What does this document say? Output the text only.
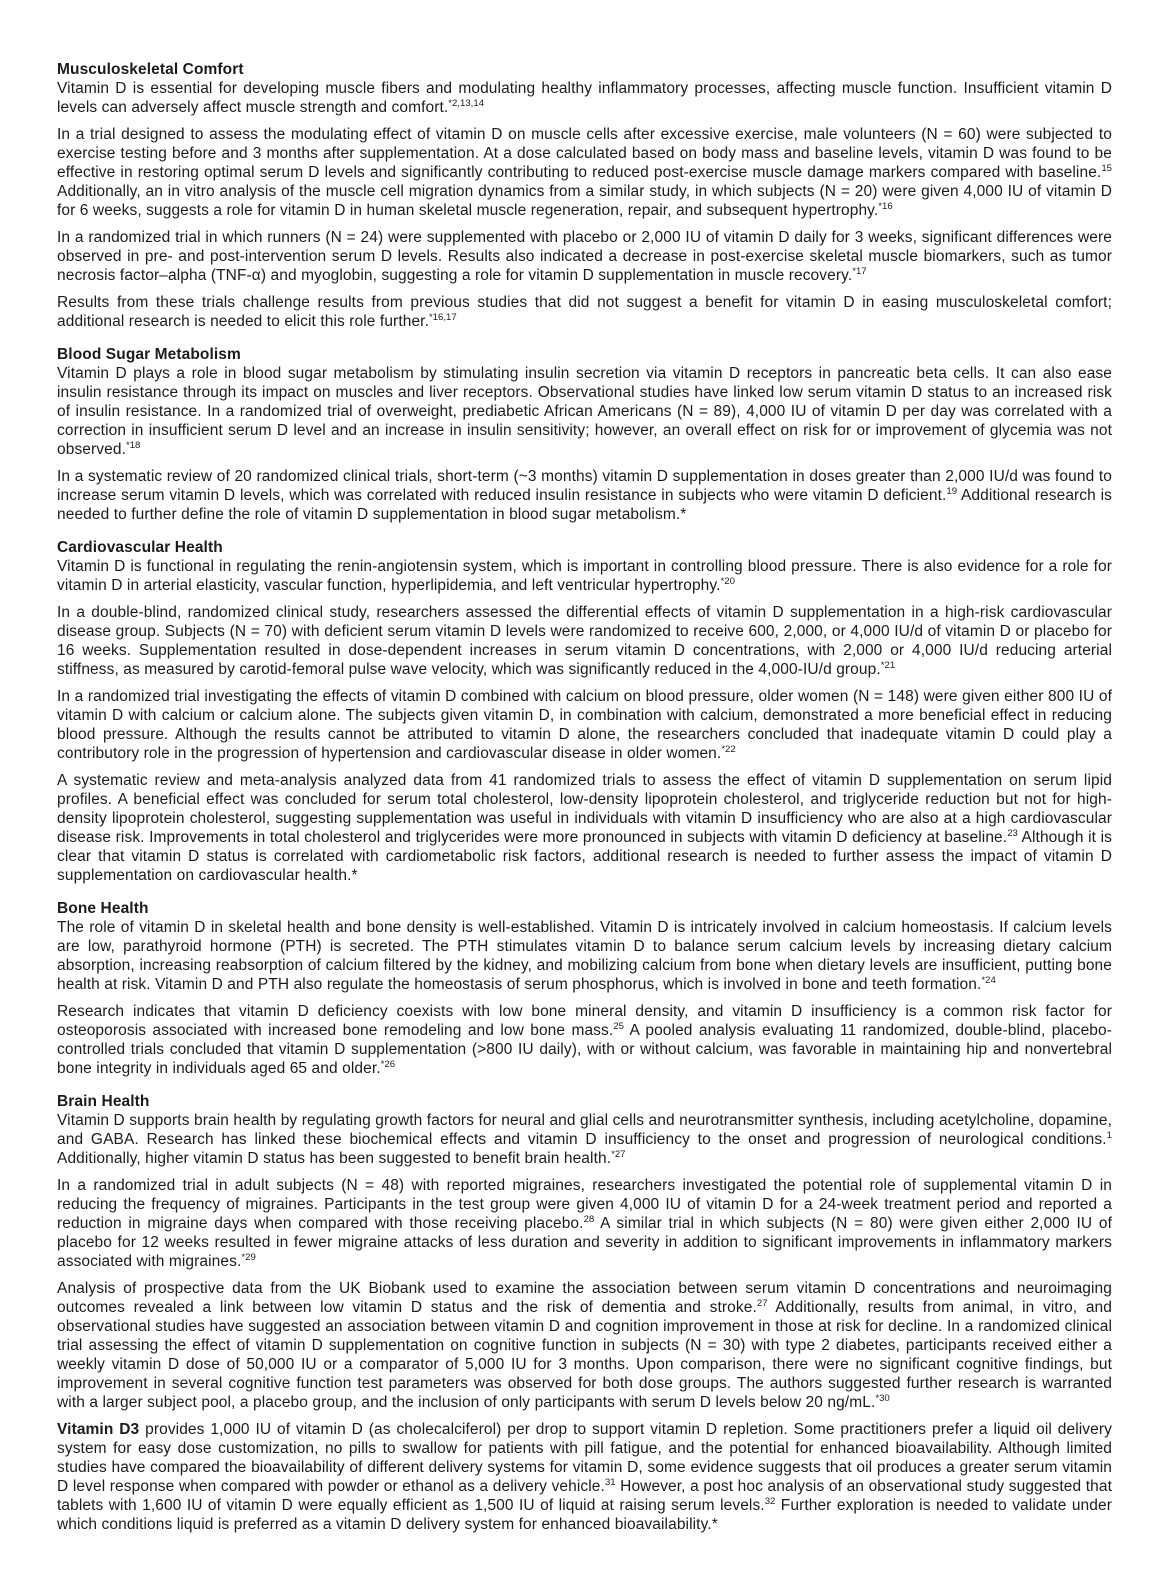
Musculoskeletal Comfort

Vitamin D is essential for developing muscle fibers and modulating healthy inflammatory processes, affecting muscle function. Insufficient vitamin D levels can adversely affect muscle strength and comfort.$^{*2,13,14}$

In a trial designed to assess the modulating effect of vitamin D on muscle cells after excessive exercise, male volunteers (N = 60) were subjected to exercise testing before and 3 months after supplementation. At a dose calculated based on body mass and baseline levels, vitamin D was found to be effective in restoring optimal serum D levels and significantly contributing to reduced post-exercise muscle damage markers compared with baseline.$^{15}$ Additionally, an in vitro analysis of the muscle cell migration dynamics from a similar study, in which subjects (N = 20) were given 4,000 IU of vitamin D for 6 weeks, suggests a role for vitamin D in human skeletal muscle regeneration, repair, and subsequent hypertrophy.$^{*16}$

In a randomized trial in which runners (N = 24) were supplemented with placebo or 2,000 IU of vitamin D daily for 3 weeks, significant differences were observed in pre- and post-intervention serum D levels. Results also indicated a decrease in post-exercise skeletal muscle biomarkers, such as tumor necrosis factor–alpha (TNF-α) and myoglobin, suggesting a role for vitamin D supplementation in muscle recovery.$^{*17}$

Results from these trials challenge results from previous studies that did not suggest a benefit for vitamin D in easing musculoskeletal comfort; additional research is needed to elicit this role further.$^{*16,17}$

Blood Sugar Metabolism

Vitamin D plays a role in blood sugar metabolism by stimulating insulin secretion via vitamin D receptors in pancreatic beta cells. It can also ease insulin resistance through its impact on muscles and liver receptors. Observational studies have linked low serum vitamin D status to an increased risk of insulin resistance. In a randomized trial of overweight, prediabetic African Americans (N = 89), 4,000 IU of vitamin D per day was correlated with a correction in insufficient serum D level and an increase in insulin sensitivity; however, an overall effect on risk for or improvement of glycemia was not observed.$^{*18}$

In a systematic review of 20 randomized clinical trials, short-term (~3 months) vitamin D supplementation in doses greater than 2,000 IU/d was found to increase serum vitamin D levels, which was correlated with reduced insulin resistance in subjects who were vitamin D deficient.$^{19}$ Additional research is needed to further define the role of vitamin D supplementation in blood sugar metabolism.*

Cardiovascular Health

Vitamin D is functional in regulating the renin-angiotensin system, which is important in controlling blood pressure. There is also evidence for a role for vitamin D in arterial elasticity, vascular function, hyperlipidemia, and left ventricular hypertrophy.$^{*20}$

In a double-blind, randomized clinical study, researchers assessed the differential effects of vitamin D supplementation in a high-risk cardiovascular disease group. Subjects (N = 70) with deficient serum vitamin D levels were randomized to receive 600, 2,000, or 4,000 IU/d of vitamin D or placebo for 16 weeks. Supplementation resulted in dose-dependent increases in serum vitamin D concentrations, with 2,000 or 4,000 IU/d reducing arterial stiffness, as measured by carotid-femoral pulse wave velocity, which was significantly reduced in the 4,000-IU/d group.$^{*21}$

In a randomized trial investigating the effects of vitamin D combined with calcium on blood pressure, older women (N = 148) were given either 800 IU of vitamin D with calcium or calcium alone. The subjects given vitamin D, in combination with calcium, demonstrated a more beneficial effect in reducing blood pressure. Although the results cannot be attributed to vitamin D alone, the researchers concluded that inadequate vitamin D could play a contributory role in the progression of hypertension and cardiovascular disease in older women.$^{*22}$

A systematic review and meta-analysis analyzed data from 41 randomized trials to assess the effect of vitamin D supplementation on serum lipid profiles. A beneficial effect was concluded for serum total cholesterol, low-density lipoprotein cholesterol, and triglyceride reduction but not for high-density lipoprotein cholesterol, suggesting supplementation was useful in individuals with vitamin D insufficiency who are also at a high cardiovascular disease risk. Improvements in total cholesterol and triglycerides were more pronounced in subjects with vitamin D deficiency at baseline.$^{23}$ Although it is clear that vitamin D status is correlated with cardiometabolic risk factors, additional research is needed to further assess the impact of vitamin D supplementation on cardiovascular health.*

Bone Health

The role of vitamin D in skeletal health and bone density is well-established. Vitamin D is intricately involved in calcium homeostasis. If calcium levels are low, parathyroid hormone (PTH) is secreted. The PTH stimulates vitamin D to balance serum calcium levels by increasing dietary calcium absorption, increasing reabsorption of calcium filtered by the kidney, and mobilizing calcium from bone when dietary levels are insufficient, putting bone health at risk. Vitamin D and PTH also regulate the homeostasis of serum phosphorus, which is involved in bone and teeth formation.$^{*24}$

Research indicates that vitamin D deficiency coexists with low bone mineral density, and vitamin D insufficiency is a common risk factor for osteoporosis associated with increased bone remodeling and low bone mass.$^{25}$ A pooled analysis evaluating 11 randomized, double-blind, placebo-controlled trials concluded that vitamin D supplementation (>800 IU daily), with or without calcium, was favorable in maintaining hip and nonvertebral bone integrity in individuals aged 65 and older.$^{*26}$

Brain Health

Vitamin D supports brain health by regulating growth factors for neural and glial cells and neurotransmitter synthesis, including acetylcholine, dopamine, and GABA. Research has linked these biochemical effects and vitamin D insufficiency to the onset and progression of neurological conditions.$^1$ Additionally, higher vitamin D status has been suggested to benefit brain health.$^{*27}$

In a randomized trial in adult subjects (N = 48) with reported migraines, researchers investigated the potential role of supplemental vitamin D in reducing the frequency of migraines. Participants in the test group were given 4,000 IU of vitamin D for a 24-week treatment period and reported a reduction in migraine days when compared with those receiving placebo.$^{28}$ A similar trial in which subjects (N = 80) were given either 2,000 IU of placebo for 12 weeks resulted in fewer migraine attacks of less duration and severity in addition to significant improvements in inflammatory markers associated with migraines.$^{*29}$

Analysis of prospective data from the UK Biobank used to examine the association between serum vitamin D concentrations and neuroimaging outcomes revealed a link between low vitamin D status and the risk of dementia and stroke.$^{27}$ Additionally, results from animal, in vitro, and observational studies have suggested an association between vitamin D and cognition improvement in those at risk for decline. In a randomized clinical trial assessing the effect of vitamin D supplementation on cognitive function in subjects (N = 30) with type 2 diabetes, participants received either a weekly vitamin D dose of 50,000 IU or a comparator of 5,000 IU for 3 months. Upon comparison, there were no significant cognitive findings, but improvement in several cognitive function test parameters was observed for both dose groups. The authors suggested further research is warranted with a larger subject pool, a placebo group, and the inclusion of only participants with serum D levels below 20 ng/mL.$^{*30}$

Vitamin D3 provides 1,000 IU of vitamin D (as cholecalciferol) per drop to support vitamin D repletion. Some practitioners prefer a liquid oil delivery system for easy dose customization, no pills to swallow for patients with pill fatigue, and the potential for enhanced bioavailability. Although limited studies have compared the bioavailability of different delivery systems for vitamin D, some evidence suggests that oil produces a greater serum vitamin D level response when compared with powder or ethanol as a delivery vehicle.$^{31}$ However, a post hoc analysis of an observational study suggested that tablets with 1,600 IU of vitamin D were equally efficient as 1,500 IU of liquid at raising serum levels.$^{32}$ Further exploration is needed to validate under which conditions liquid is preferred as a vitamin D delivery system for enhanced bioavailability.*
